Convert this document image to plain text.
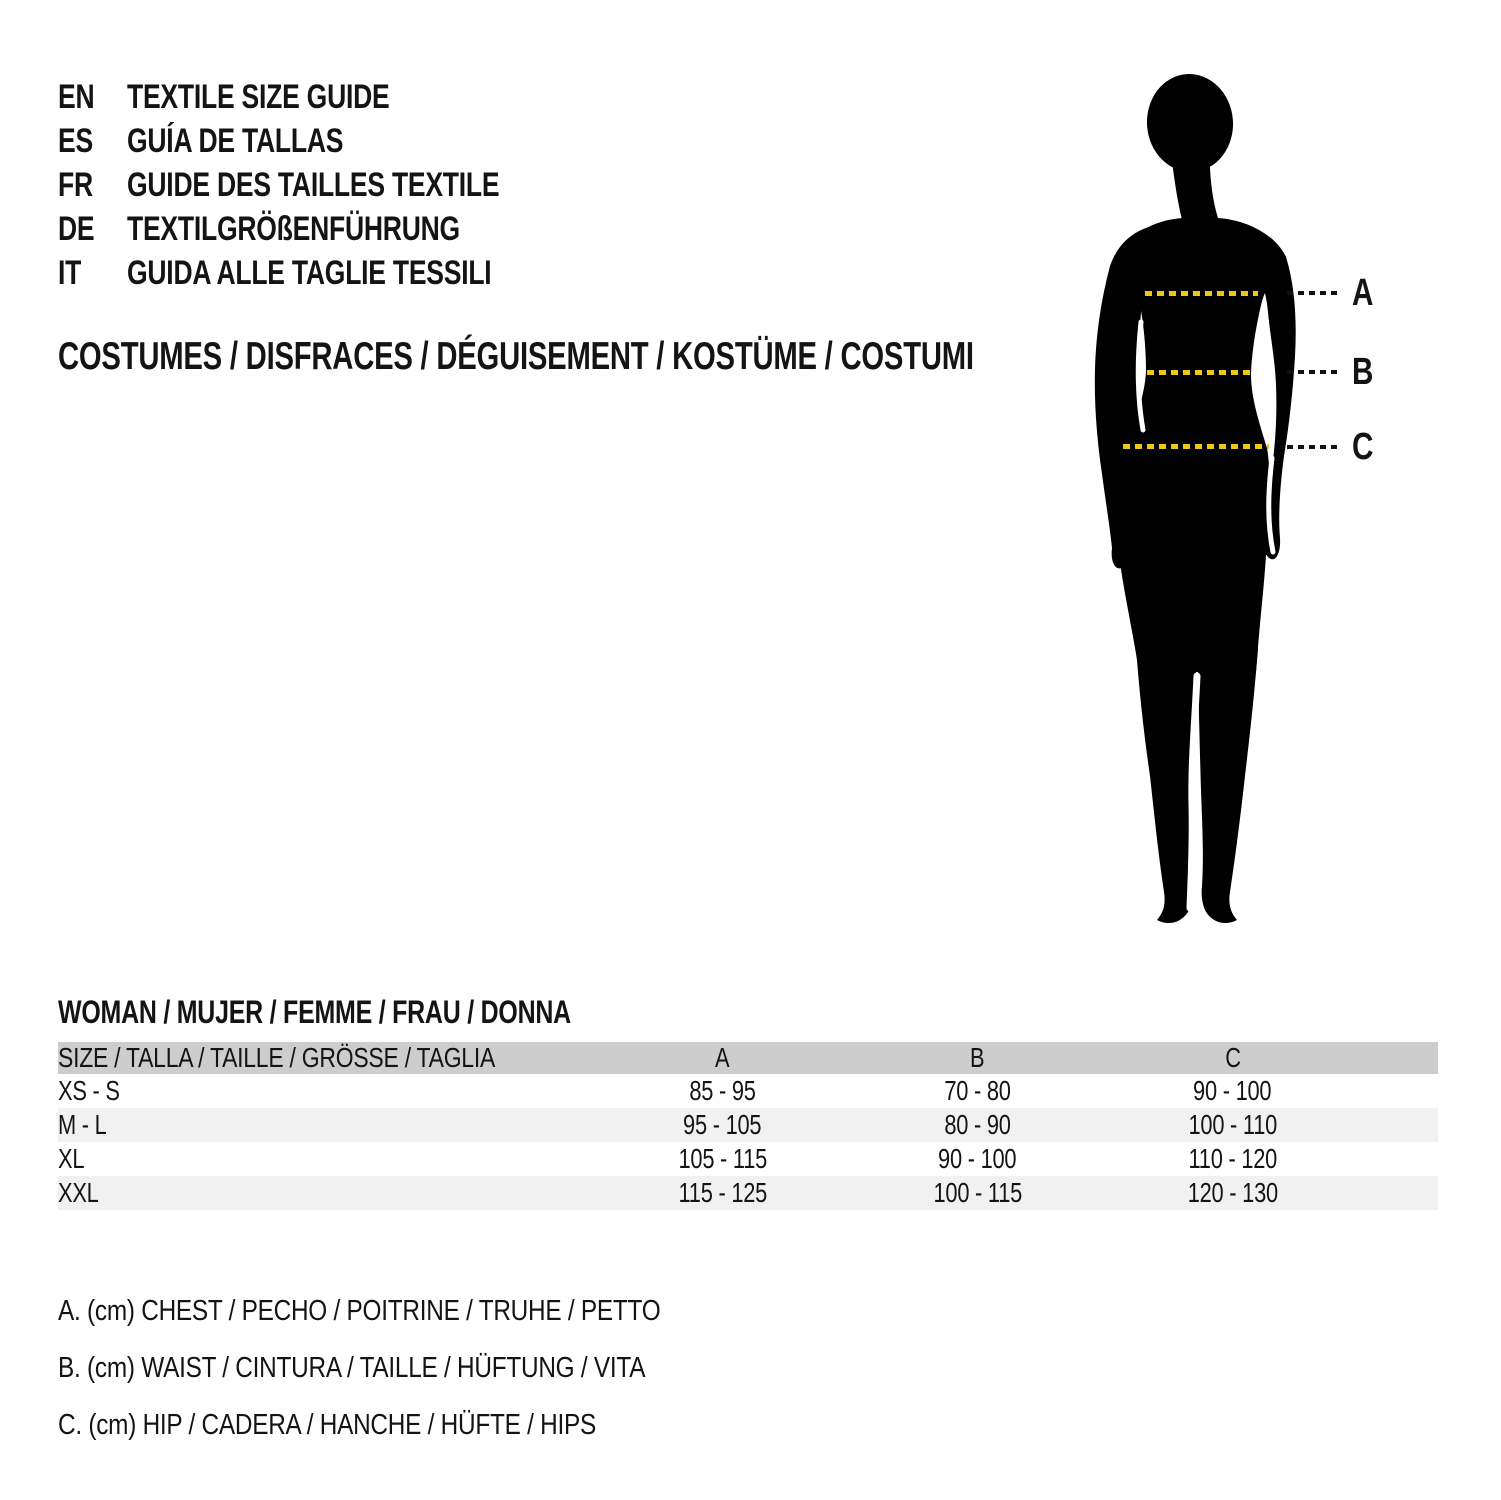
EN TEXTILE SIZE GUIDE
ES GUÍA DE TALLAS
FR GUIDE DES TAILLES TEXTILE
DE TEXTILGRÖßENFÜHRUNG
IT GUIDA ALLE TAGLIE TESSILI
COSTUMES / DISFRACES / DÉGUISEMENT / KOSTÜME / COSTUMI
A
B
C
WOMAN / MUJER / FEMME / FRAU / DONNA
SIZE / TALLA / TAILLE / GRÖSSE / TAGLIA	A	B	C	
XS - S	85 - 95	70 - 80	90 - 100	
M - L	95 - 105	80 - 90	100 - 110	
XL	105 - 115	90 - 100	110 - 120	
XXL	115 - 125	100 - 115	120 - 130	
A. (cm) CHEST / PECHO / POITRINE / TRUHE / PETTO
B. (cm) WAIST / CINTURA / TAILLE / HÜFTUNG / VITA
C. (cm) HIP / CADERA / HANCHE / HÜFTE / HIPS
